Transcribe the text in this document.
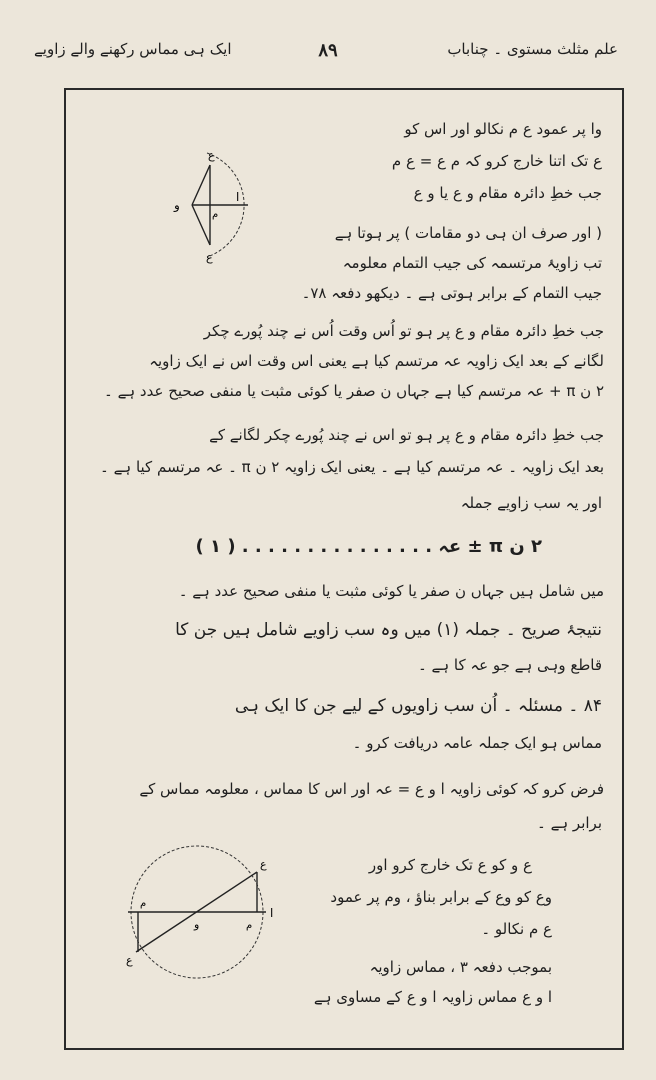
ایک ہی مماس رکھنے والے زاویے	۸۹	علم مثلث مستوی ۔ چناباب
ع
و
ا
م
ع
ع
ا
م
م
و
ع
وا پر عمود ع م نکالو اور اس کو
ع تک اتنا خارج کرو کہ م ع = ع م
جب خطِ دائرہ مقام و ع یا و ع
( اور صرف ان ہی دو مقامات ) پر ہوتا ہے
تب زاویۂ مرتسمہ کی جیب التمام معلومہ
جیب التمام کے برابر ہوتی ہے ۔ دیکھو دفعہ ۷۸۔
جب خطِ دائرہ مقام و ع پر ہو تو اُس وقت اُس نے چند پُورے چکر
لگانے کے بعد ایک زاویہ عہ مرتسم کیا ہے یعنی اس وقت اس نے ایک زاویہ
۲ ن π + عہ مرتسم کیا ہے جہاں ن صفر یا کوئی مثبت یا منفی صحیح عدد ہے ۔
جب خطِ دائرہ مقام و ع پر ہو تو اس نے چند پُورے چکر لگانے کے
بعد ایک زاویہ ۔ عہ مرتسم کیا ہے ۔ یعنی ایک زاویہ ۲ ن π ۔ عہ مرتسم کیا ہے ۔
اور یہ سب زاویے جملہ
۲ ن π ± عہ . . . . . . . . . . . . . . . ( ۱ )
میں شامل ہیں جہاں ن صفر یا کوئی مثبت یا منفی صحیح عدد ہے ۔
نتیجۂ صریح ۔ جملہ (۱) میں وہ سب زاویے شامل ہیں جن کا
قاطع وہی ہے جو عہ کا ہے ۔
۸۴ ۔ مسئلہ ۔ اُن سب زاویوں کے لیے جن کا ایک ہی
مماس ہو ایک جملہ عامہ دریافت کرو ۔
فرض کرو کہ کوئی زاویہ ا و ع = عہ اور اس کا مماس ، معلومہ مماس کے
برابر ہے ۔
ع و کو ع تک خارج کرو اور
وع کو وع کے برابر بناؤ ، وم پر عمود
ع م نکالو ۔
بموجب دفعہ ۳ ، مماس زاویہ
ا و ع مماس زاویہ ا و ع کے مساوی ہے
